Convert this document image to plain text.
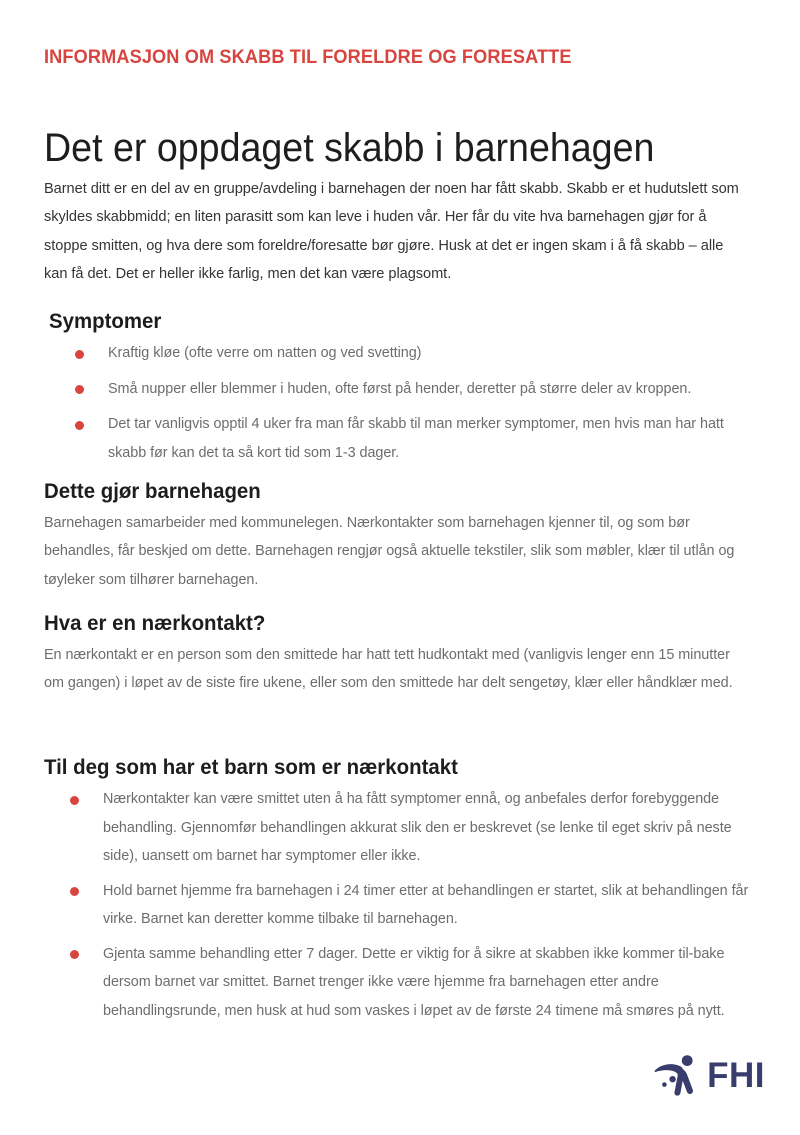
INFORMASJON OM SKABB TIL FORELDRE OG FORESATTE
Det er oppdaget skabb i barnehagen

Barnet ditt er en del av en gruppe/avdeling i barnehagen der noen har fått skabb. Skabb er et hudutslett som skyldes skabbmidd; en liten parasitt som kan leve i huden vår. Her får du vite hva barnehagen gjør for å stoppe smitten, og hva dere som foreldre/foresatte bør gjøre. Husk at det er ingen skam i å få skabb – alle kan få det. Det er heller ikke farlig, men det kan være plagsomt.

Symptomer
Kraftig kløe (ofte verre om natten og ved svetting)
Små nupper eller blemmer i huden, ofte først på hender, deretter på større deler av kroppen.
Det tar vanligvis opptil 4 uker fra man får skabb til man merker symptomer, men hvis man har hatt skabb før kan det ta så kort tid som 1-3 dager.
Dette gjør barnehagen

Barnehagen samarbeider med kommunelegen. Nærkontakter som barnehagen kjenner til, og som bør behandles, får beskjed om dette. Barnehagen rengjør også aktuelle tekstiler, slik som møbler, klær til utlån og tøyleker som tilhører barnehagen.

Hva er en nærkontakt?

En nærkontakt er en person som den smittede har hatt tett hudkontakt med (vanligvis lenger enn 15 minutter om gangen) i løpet av de siste fire ukene, eller som den smittede har delt sengetøy, klær eller håndklær med.

Til deg som har et barn som er nærkontakt
Nærkontakter kan være smittet uten å ha fått symptomer ennå, og anbefales derfor forebyggende behandling. Gjennomfør behandlingen akkurat slik den er beskrevet (se lenke til eget skriv på neste side), uansett om barnet har symptomer eller ikke.
Hold barnet hjemme fra barnehagen i 24 timer etter at behandlingen er startet, slik at behandlingen får virke. Barnet kan deretter komme tilbake til barnehagen.
Gjenta samme behandling etter 7 dager. Dette er viktig for å sikre at skabben ikke kommer til-bake dersom barnet var smittet. Barnet trenger ikke være hjemme fra barnehagen etter andre behandlingsrunde, men husk at hud som vaskes i løpet av de første 24 timene må smøres på nytt.
FHI
